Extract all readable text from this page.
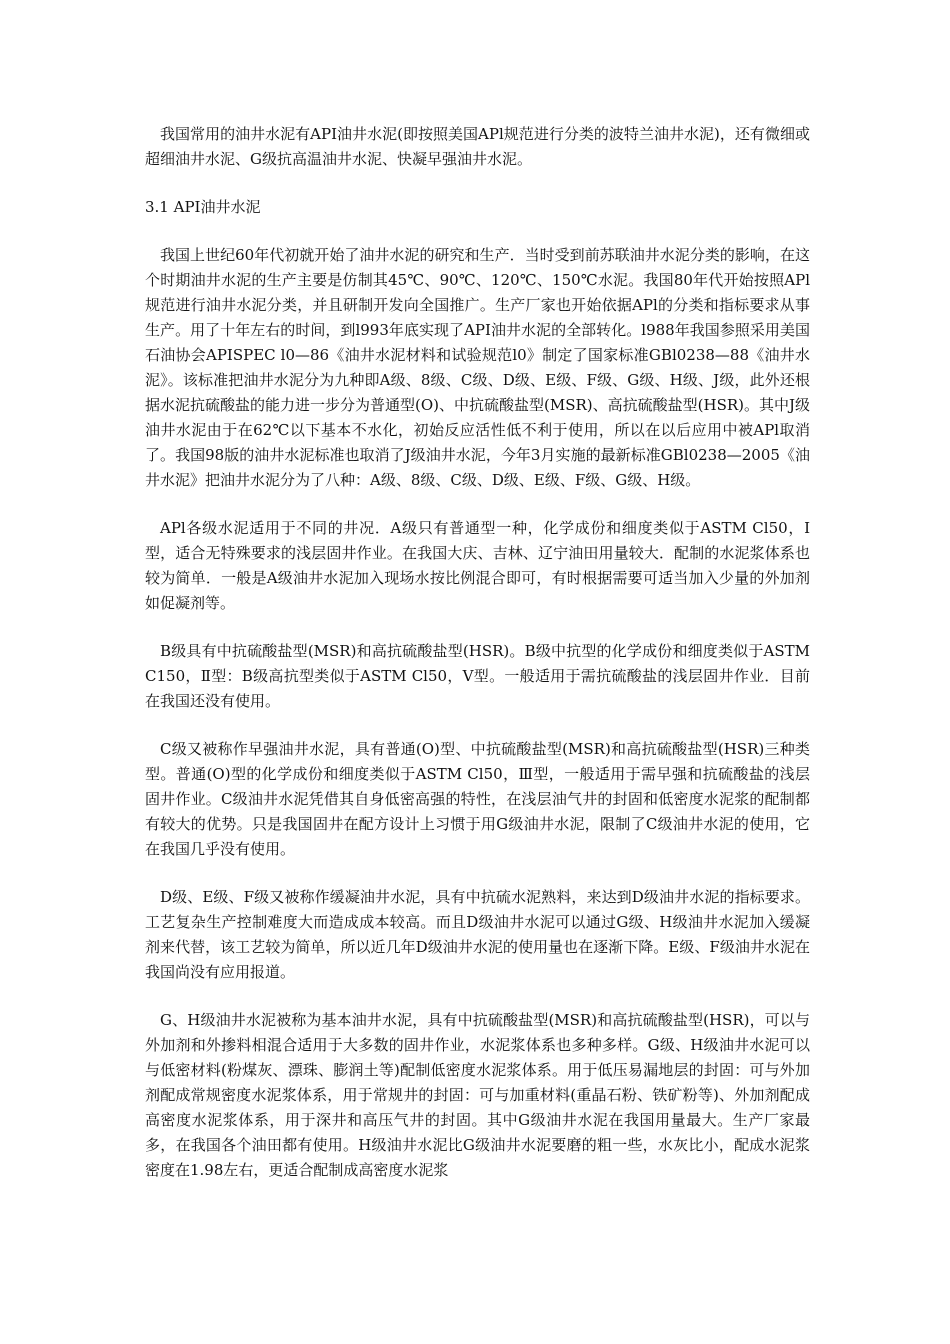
我国常用的油井水泥有API油井水泥(即按照美国APl规范进行分类的波特兰油井水泥)，还有微细或超细油井水泥、G级抗高温油井水泥、快凝早强油井水泥。

3.1 API油井水泥

我国上世纪60年代初就开始了油井水泥的研究和生产．当时受到前苏联油井水泥分类的影响，在这个时期油井水泥的生产主要是仿制其45℃、90℃、120℃、150℃水泥。我国80年代开始按照APl规范进行油井水泥分类，并且研制开发向全国推广。生产厂家也开始依据APl的分类和指标要求从事生产。用了十年左右的时间，到l993年底实现了API油井水泥的全部转化。l988年我国参照采用美国石油协会APISPEC l0—86《油井水泥材料和试验规范l0》制定了国家标准GBl0238—88《油井水泥》。该标准把油井水泥分为九种即A级、8级、C级、D级、E级、F级、G级、H级、J级，此外还根据水泥抗硫酸盐的能力进一步分为普通型(O)、中抗硫酸盐型(MSR)、高抗硫酸盐型(HSR)。其中J级油井水泥由于在62℃以下基本不水化，初始反应活性低不利于使用，所以在以后应用中被APl取消了。我国98版的油井水泥标准也取消了J级油井水泥，今年3月实施的最新标准GBl0238—2005《油井水泥》把油井水泥分为了八种：A级、8级、C级、D级、E级、F级、G级、H级。

APl各级水泥适用于不同的井况．A级只有普通型一种，化学成份和细度类似于ASTM Cl50，I型，适合无特殊要求的浅层固井作业。在我国大庆、吉林、辽宁油田用量较大．配制的水泥浆体系也较为简单．一般是A级油井水泥加入现场水按比例混合即可，有时根据需要可适当加入少量的外加剂如促凝剂等。

B级具有中抗硫酸盐型(MSR)和高抗硫酸盐型(HSR)。B级中抗型的化学成份和细度类似于ASTM C150，Ⅱ型：B级高抗型类似于ASTM Cl50，V型。一般适用于需抗硫酸盐的浅层固井作业．目前在我国还没有使用。

C级又被称作早强油井水泥，具有普通(O)型、中抗硫酸盐型(MSR)和高抗硫酸盐型(HSR)三种类型。普通(O)型的化学成份和细度类似于ASTM Cl50，Ⅲ型，一般适用于需早强和抗硫酸盐的浅层固井作业。C级油井水泥凭借其自身低密高强的特性，在浅层油气井的封固和低密度水泥浆的配制都有较大的优势。只是我国固井在配方设计上习惯于用G级油井水泥，限制了C级油井水泥的使用，它在我国几乎没有使用。

D级、E级、F级又被称作缓凝油井水泥，具有中抗硫水泥熟料，来达到D级油井水泥的指标要求。工艺复杂生产控制难度大而造成成本较高。而且D级油井水泥可以通过G级、H级油井水泥加入缓凝剂来代替，该工艺较为简单，所以近几年D级油井水泥的使用量也在逐渐下降。E级、F级油井水泥在我国尚没有应用报道。

G、H级油井水泥被称为基本油井水泥，具有中抗硫酸盐型(MSR)和高抗硫酸盐型(HSR)，可以与外加剂和外掺料相混合适用于大多数的固井作业，水泥浆体系也多种多样。G级、H级油井水泥可以与低密材料(粉煤灰、漂珠、膨润土等)配制低密度水泥浆体系。用于低压易漏地层的封固：可与外加剂配成常规密度水泥浆体系，用于常规井的封固：可与加重材料(重晶石粉、铁矿粉等)、外加剂配成高密度水泥浆体系，用于深井和高压气井的封固。其中G级油井水泥在我国用量最大。生产厂家最多，在我国各个油田都有使用。H级油井水泥比G级油井水泥要磨的粗一些，水灰比小，配成水泥浆密度在1.98左右，更适合配制成高密度水泥浆
